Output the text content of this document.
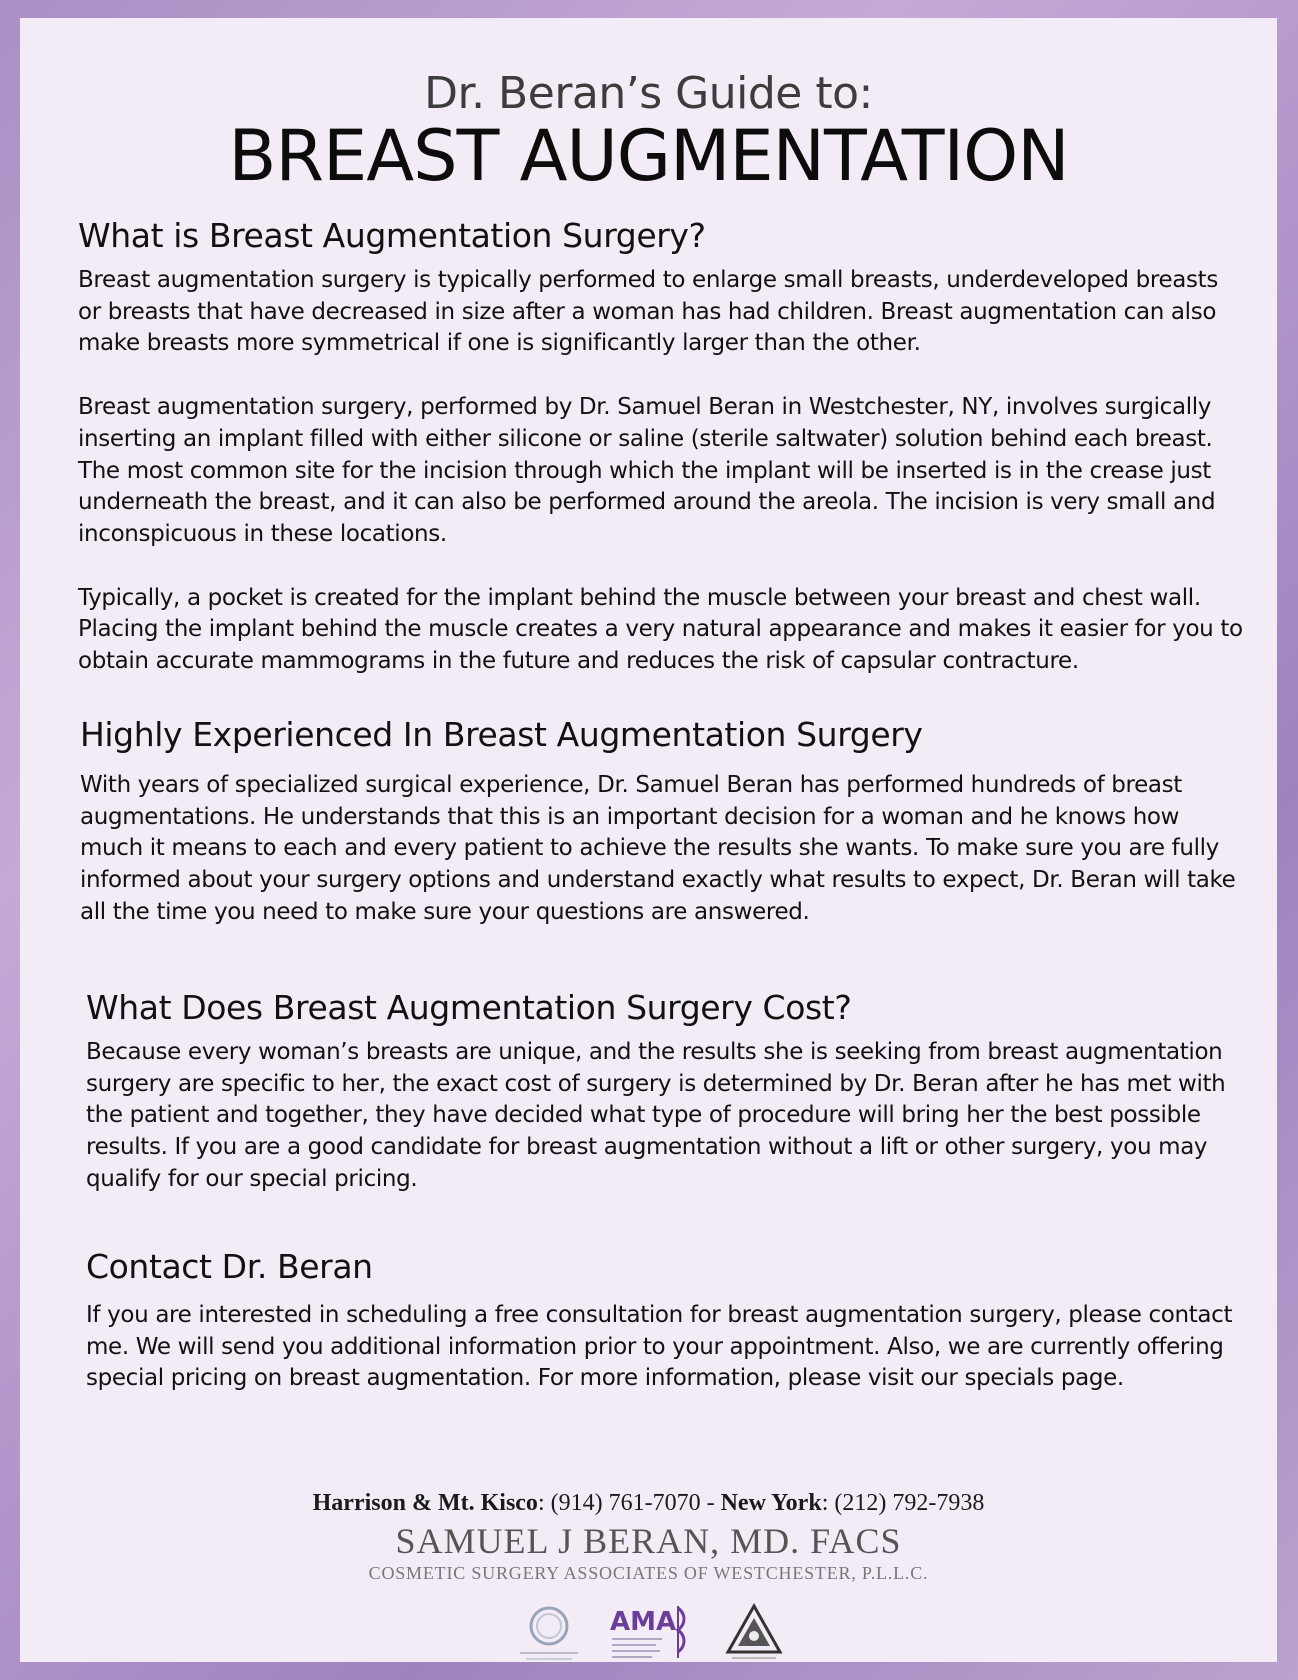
Dr. Beran’s Guide to:
BREAST AUGMENTATION
What is Breast Augmentation Surgery?

Breast augmentation surgery is typically performed to enlarge small breasts, underdeveloped breasts or breasts that have decreased in size after a woman has had children. Breast augmentation can also make breasts more symmetrical if one is significantly larger than the other.

Breast augmentation surgery, performed by Dr. Samuel Beran in Westchester, NY, involves surgically inserting an implant filled with either silicone or saline (sterile saltwater) solution behind each breast. The most common site for the incision through which the implant will be inserted is in the crease just underneath the breast, and it can also be performed around the areola. The incision is very small and inconspicuous in these locations.

Typically, a pocket is created for the implant behind the muscle between your breast and chest wall. Placing the implant behind the muscle creates a very natural appearance and makes it easier for you to obtain accurate mammograms in the future and reduces the risk of capsular contracture.

Highly Experienced In Breast Augmentation Surgery

With years of specialized surgical experience, Dr. Samuel Beran has performed hundreds of breast augmentations. He understands that this is an important decision for a woman and he knows how much it means to each and every patient to achieve the results she wants. To make sure you are fully informed about your surgery options and understand exactly what results to expect, Dr. Beran will take all the time you need to make sure your questions are answered.

What Does Breast Augmentation Surgery Cost?

Because every woman’s breasts are unique, and the results she is seeking from breast augmentation surgery are specific to her, the exact cost of surgery is determined by Dr. Beran after he has met with the patient and together, they have decided what type of procedure will bring her the best possible results. If you are a good candidate for breast augmentation without a lift or other surgery, you may qualify for our special pricing.

Contact Dr. Beran

If you are interested in scheduling a free consultation for breast augmentation surgery, please contact me. We will send you additional information prior to your appointment. Also, we are currently offering special pricing on breast augmentation. For more information, please visit our specials page.

Harrison & Mt. Kisco: (914) 761-7070 - New York: (212) 792-7938
SAMUEL J BERAN, MD. FACS
COSMETIC SURGERY ASSOCIATES OF WESTCHESTER, P.L.L.C.
AMA
